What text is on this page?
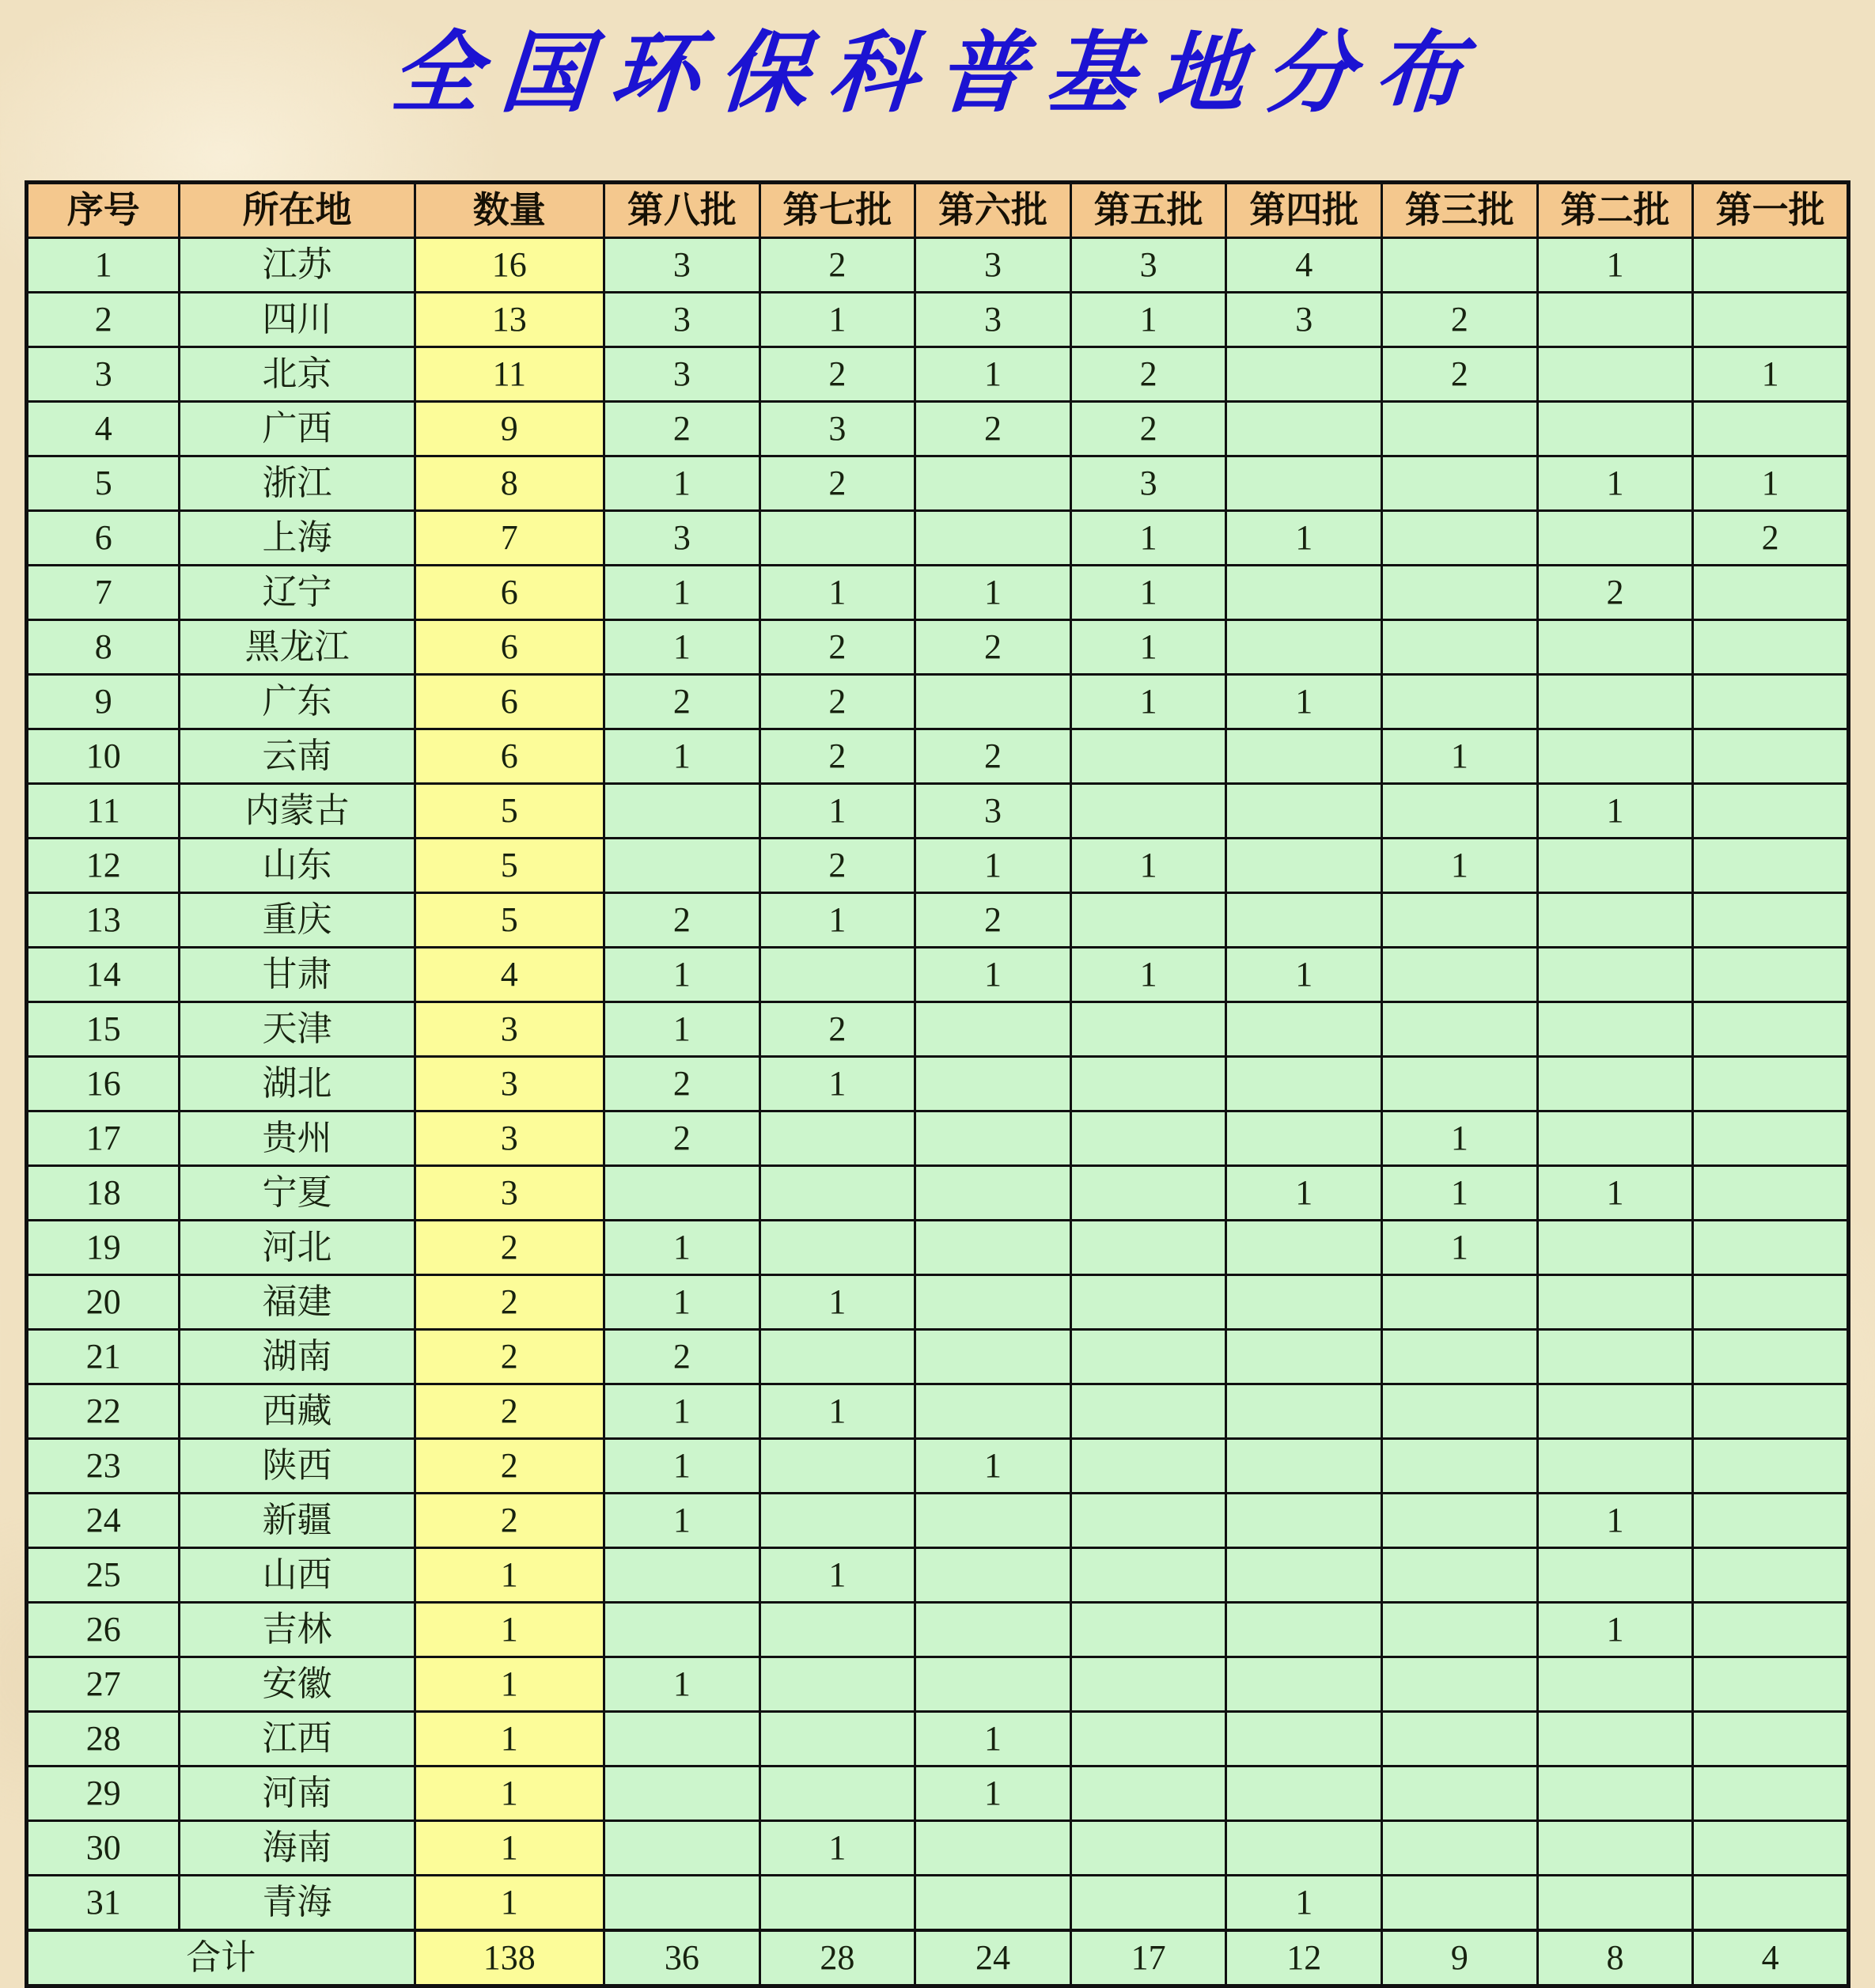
全国环保科普基地分布
序号	所在地	数量	第八批	第七批	第六批	第五批	第四批	第三批	第二批	第一批
1	江苏	16	3	2	3	3	4		1	
2	四川	13	3	1	3	1	3	2		
3	北京	11	3	2	1	2		2		1
4	广西	9	2	3	2	2				
5	浙江	8	1	2		3			1	1
6	上海	7	3			1	1			2
7	辽宁	6	1	1	1	1			2	
8	黑龙江	6	1	2	2	1				
9	广东	6	2	2		1	1			
10	云南	6	1	2	2			1		
11	内蒙古	5		1	3				1	
12	山东	5		2	1	1		1		
13	重庆	5	2	1	2					
14	甘肃	4	1		1	1	1			
15	天津	3	1	2						
16	湖北	3	2	1						
17	贵州	3	2					1		
18	宁夏	3					1	1	1	
19	河北	2	1					1		
20	福建	2	1	1						
21	湖南	2	2							
22	西藏	2	1	1						
23	陕西	2	1		1					
24	新疆	2	1						1	
25	山西	1		1						
26	吉林	1							1	
27	安徽	1	1							
28	江西	1			1					
29	河南	1			1					
30	海南	1		1						
31	青海	1					1			
合计		138	36	28	24	17	12	9	8	4
